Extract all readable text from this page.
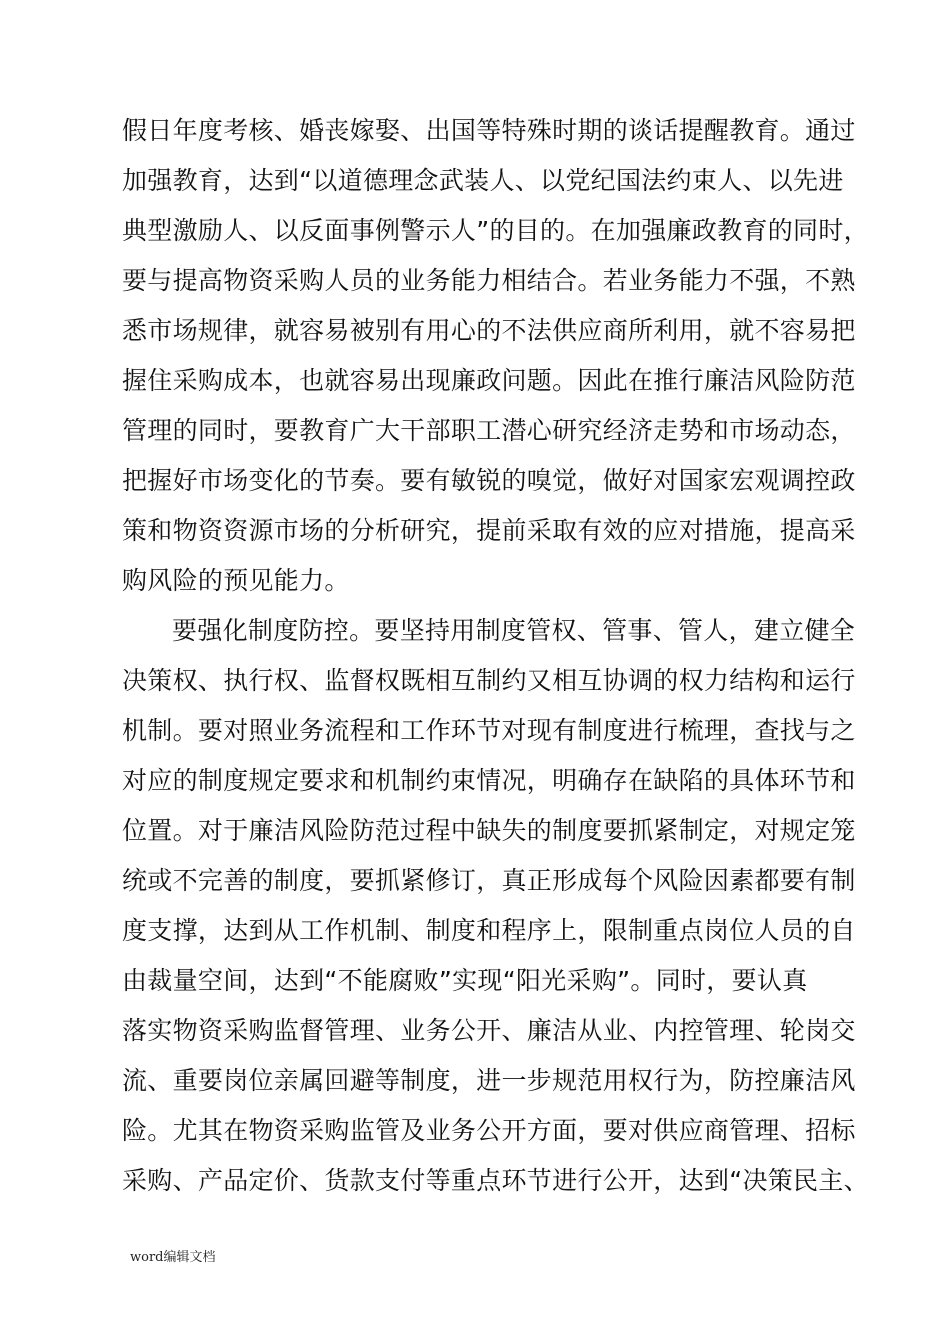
假日年度考核、婚丧嫁娶、出国等特殊时期的谈话提醒教育。通过
加强教育，达到“以道德理念武装人、以党纪国法约束人、以先进
典型激励人、以反面事例警示人”的目的。在加强廉政教育的同时，
要与提高物资采购人员的业务能力相结合。若业务能力不强，不熟
悉市场规律，就容易被别有用心的不法供应商所利用，就不容易把
握住采购成本，也就容易出现廉政问题。因此在推行廉洁风险防范
管理的同时，要教育广大干部职工潜心研究经济走势和市场动态，
把握好市场变化的节奏。要有敏锐的嗅觉，做好对国家宏观调控政
策和物资资源市场的分析研究，提前采取有效的应对措施，提高采
购风险的预见能力。
要强化制度防控。要坚持用制度管权、管事、管人，建立健全
决策权、执行权、监督权既相互制约又相互协调的权力结构和运行
机制。要对照业务流程和工作环节对现有制度进行梳理，查找与之
对应的制度规定要求和机制约束情况，明确存在缺陷的具体环节和
位置。对于廉洁风险防范过程中缺失的制度要抓紧制定，对规定笼
统或不完善的制度，要抓紧修订，真正形成每个风险因素都要有制
度支撑，达到从工作机制、制度和程序上，限制重点岗位人员的自
由裁量空间，达到“不能腐败”实现“阳光采购”。同时，要认真
落实物资采购监督管理、业务公开、廉洁从业、内控管理、轮岗交
流、重要岗位亲属回避等制度，进一步规范用权行为，防控廉洁风
险。尤其在物资采购监管及业务公开方面，要对供应商管理、招标
采购、产品定价、货款支付等重点环节进行公开，达到“决策民主、
word编辑文档
